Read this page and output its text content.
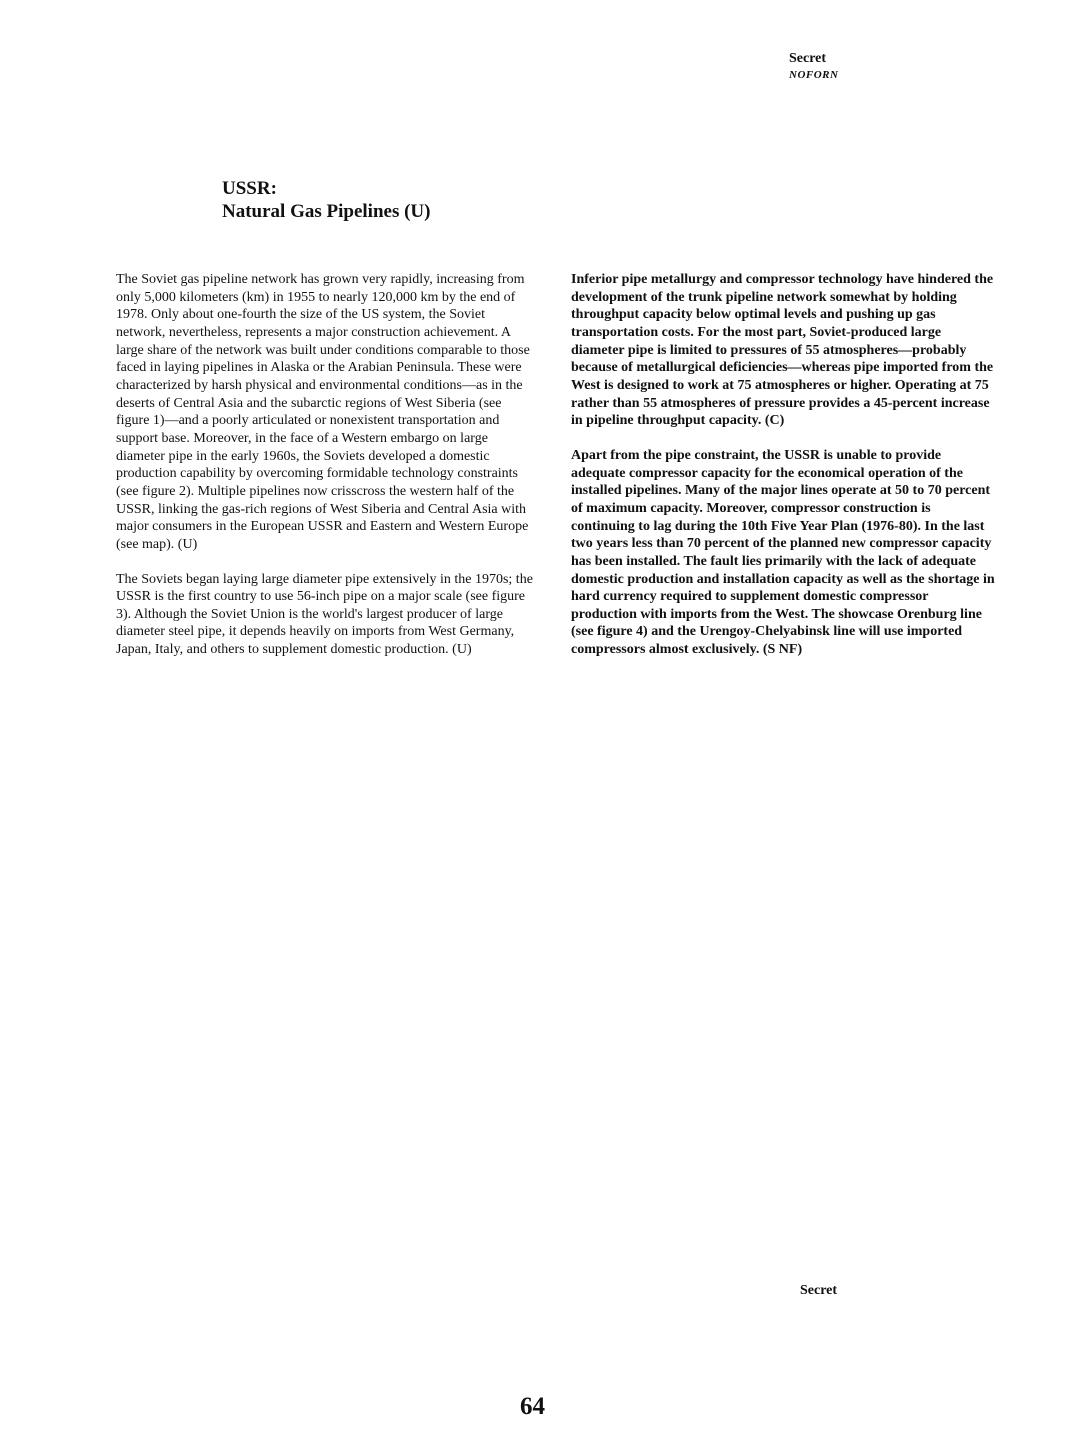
Secret
NOFORN
USSR:
Natural Gas Pipelines (U)

The Soviet gas pipeline network has grown very rapidly, increasing from only 5,000 kilometers (km) in 1955 to nearly 120,000 km by the end of 1978. Only about one-fourth the size of the US system, the Soviet network, nevertheless, represents a major construction achievement. A large share of the network was built under conditions comparable to those faced in laying pipelines in Alaska or the Arabian Peninsula. These were characterized by harsh physical and environmental conditions—as in the deserts of Central Asia and the subarctic regions of West Siberia (see figure 1)—and a poorly articulated or nonexistent transportation and support base. Moreover, in the face of a Western embargo on large diameter pipe in the early 1960s, the Soviets developed a domestic production capability by overcoming formidable technology constraints (see figure 2). Multiple pipelines now crisscross the western half of the USSR, linking the gas-rich regions of West Siberia and Central Asia with major consumers in the European USSR and Eastern and Western Europe (see map). (U)

The Soviets began laying large diameter pipe extensively in the 1970s; the USSR is the first country to use 56-inch pipe on a major scale (see figure 3). Although the Soviet Union is the world's largest producer of large diameter steel pipe, it depends heavily on imports from West Germany, Japan, Italy, and others to supplement domestic production. (U)

Inferior pipe metallurgy and compressor technology have hindered the development of the trunk pipeline network somewhat by holding throughput capacity below optimal levels and pushing up gas transportation costs. For the most part, Soviet-produced large diameter pipe is limited to pressures of 55 atmospheres—probably because of metallurgical deficiencies—whereas pipe imported from the West is designed to work at 75 atmospheres or higher. Operating at 75 rather than 55 atmospheres of pressure provides a 45-percent increase in pipeline throughput capacity. (C)

Apart from the pipe constraint, the USSR is unable to provide adequate compressor capacity for the economical operation of the installed pipelines. Many of the major lines operate at 50 to 70 percent of maximum capacity. Moreover, compressor construction is continuing to lag during the 10th Five Year Plan (1976-80). In the last two years less than 70 percent of the planned new compressor capacity has been installed. The fault lies primarily with the lack of adequate domestic production and installation capacity as well as the shortage in hard currency required to supplement domestic compressor production with imports from the West. The showcase Orenburg line (see figure 4) and the Urengoy-Chelyabinsk line will use imported compressors almost exclusively. (S NF)

Secret
64
